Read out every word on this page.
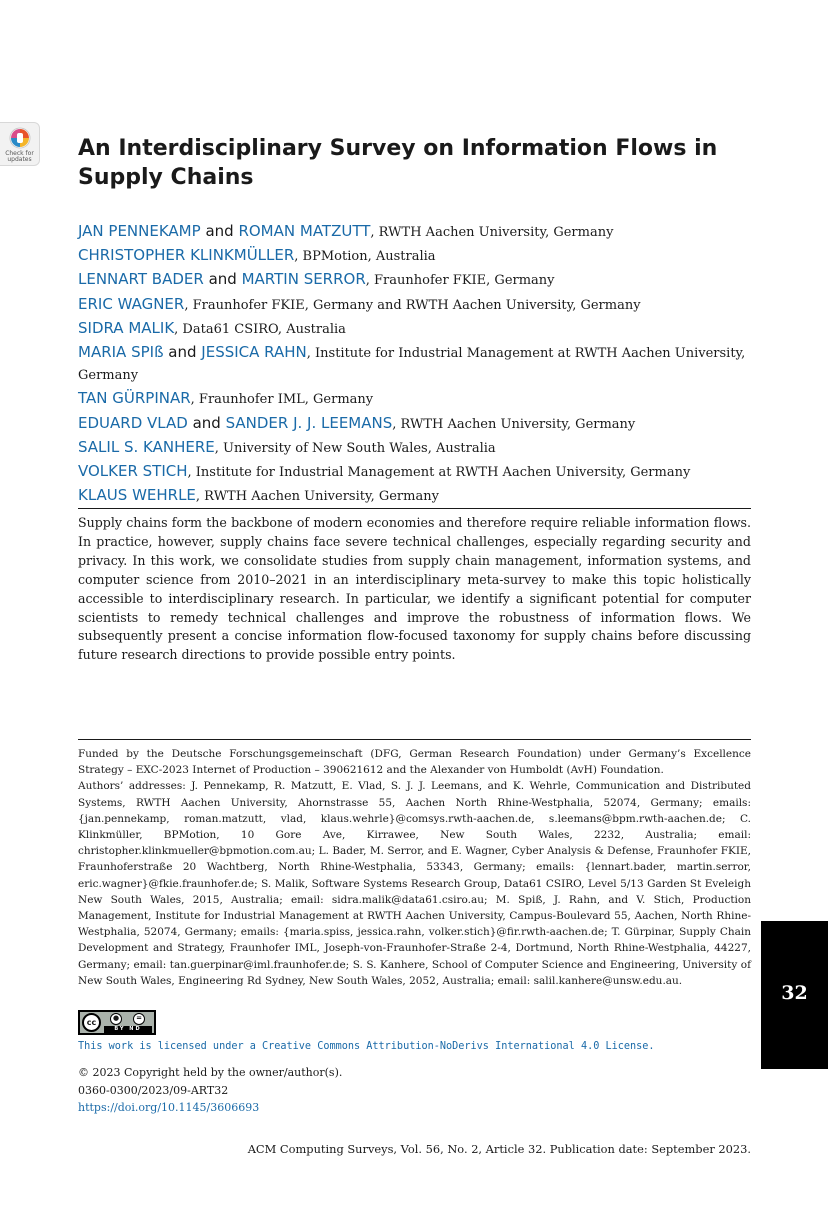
Check for
updates	An Interdisciplinary Survey on Information Flows in Supply Chains
JAN PENNEKAMP and ROMAN MATZUTT, RWTH Aachen University, Germany
CHRISTOPHER KLINKMÜLLER, BPMotion, Australia
LENNART BADER and MARTIN SERROR, Fraunhofer FKIE, Germany
ERIC WAGNER, Fraunhofer FKIE, Germany and RWTH Aachen University, Germany
SIDRA MALIK, Data61 CSIRO, Australia
MARIA SPIß and JESSICA RAHN, Institute for Industrial Management at RWTH Aachen University, Germany
TAN GÜRPINAR, Fraunhofer IML, Germany
EDUARD VLAD and SANDER J. J. LEEMANS, RWTH Aachen University, Germany
SALIL S. KANHERE, University of New South Wales, Australia
VOLKER STICH, Institute for Industrial Management at RWTH Aachen University, Germany
KLAUS WEHRLE, RWTH Aachen University, Germany
Supply chains form the backbone of modern economies and therefore require reliable information flows. In practice, however, supply chains face severe technical challenges, especially regarding security and privacy. In this work, we consolidate studies from supply chain management, information systems, and computer science from 2010–2021 in an interdisciplinary meta-survey to make this topic holistically accessible to interdisciplinary research. In particular, we identify a significant potential for computer scientists to remedy technical challenges and improve the robustness of information flows. We subsequently present a concise information flow-focused taxonomy for supply chains before discussing future research directions to provide possible entry points.

Funded by the Deutsche Forschungsgemeinschaft (DFG, German Research Foundation) under Germany’s Excellence Strategy – EXC-2023 Internet of Production – 390621612 and the Alexander von Humboldt (AvH) Foundation.

Authors’ addresses: J. Pennekamp, R. Matzutt, E. Vlad, S. J. J. Leemans, and K. Wehrle, Communication and Distributed Systems, RWTH Aachen University, Ahornstrasse 55, Aachen North Rhine-Westphalia, 52074, Germany; emails: {jan.pennekamp, roman.matzutt, vlad, klaus.wehrle}@comsys.rwth-aachen.de, s.leemans@bpm.rwth-aachen.de; C. Klinkmüller, BPMotion, 10 Gore Ave, Kirrawee, New South Wales, 2232, Australia; email: christopher.klinkmueller@bpmotion.com.au; L. Bader, M. Serror, and E. Wagner, Cyber Analysis & Defense, Fraunhofer FKIE, Fraunhoferstraße 20 Wachtberg, North Rhine-Westphalia, 53343, Germany; emails: {lennart.bader, martin.serror, eric.wagner}@fkie.fraunhofer.de; S. Malik, Software Systems Research Group, Data61 CSIRO, Level 5/13 Garden St Eveleigh New South Wales, 2015, Australia; email: sidra.malik@data61.csiro.au; M. Spiß, J. Rahn, and V. Stich, Production Management, Institute for Industrial Management at RWTH Aachen University, Campus-Boulevard 55, Aachen, North Rhine-Westphalia, 52074, Germany; emails: {maria.spiss, jessica.rahn, volker.stich}@fir.rwth-aachen.de; T. Gürpinar, Supply Chain Development and Strategy, Fraunhofer IML, Joseph-von-Fraunhofer-Straße 2-4, Dortmund, North Rhine-Westphalia, 44227, Germany; email: tan.guerpinar@iml.fraunhofer.de; S. S. Kanhere, School of Computer Science and Engineering, University of New South Wales, Engineering Rd Sydney, New South Wales, 2052, Australia; email: salil.kanhere@unsw.edu.au.

cc	●	=
BY ND
This work is licensed under a Creative Commons Attribution-NoDerivs International 4.0 License.
© 2023 Copyright held by the owner/author(s).
0360-0300/2023/09-ART32
https://doi.org/10.1145/3606693
ACM Computing Surveys, Vol. 56, No. 2, Article 32. Publication date: September 2023.
32
